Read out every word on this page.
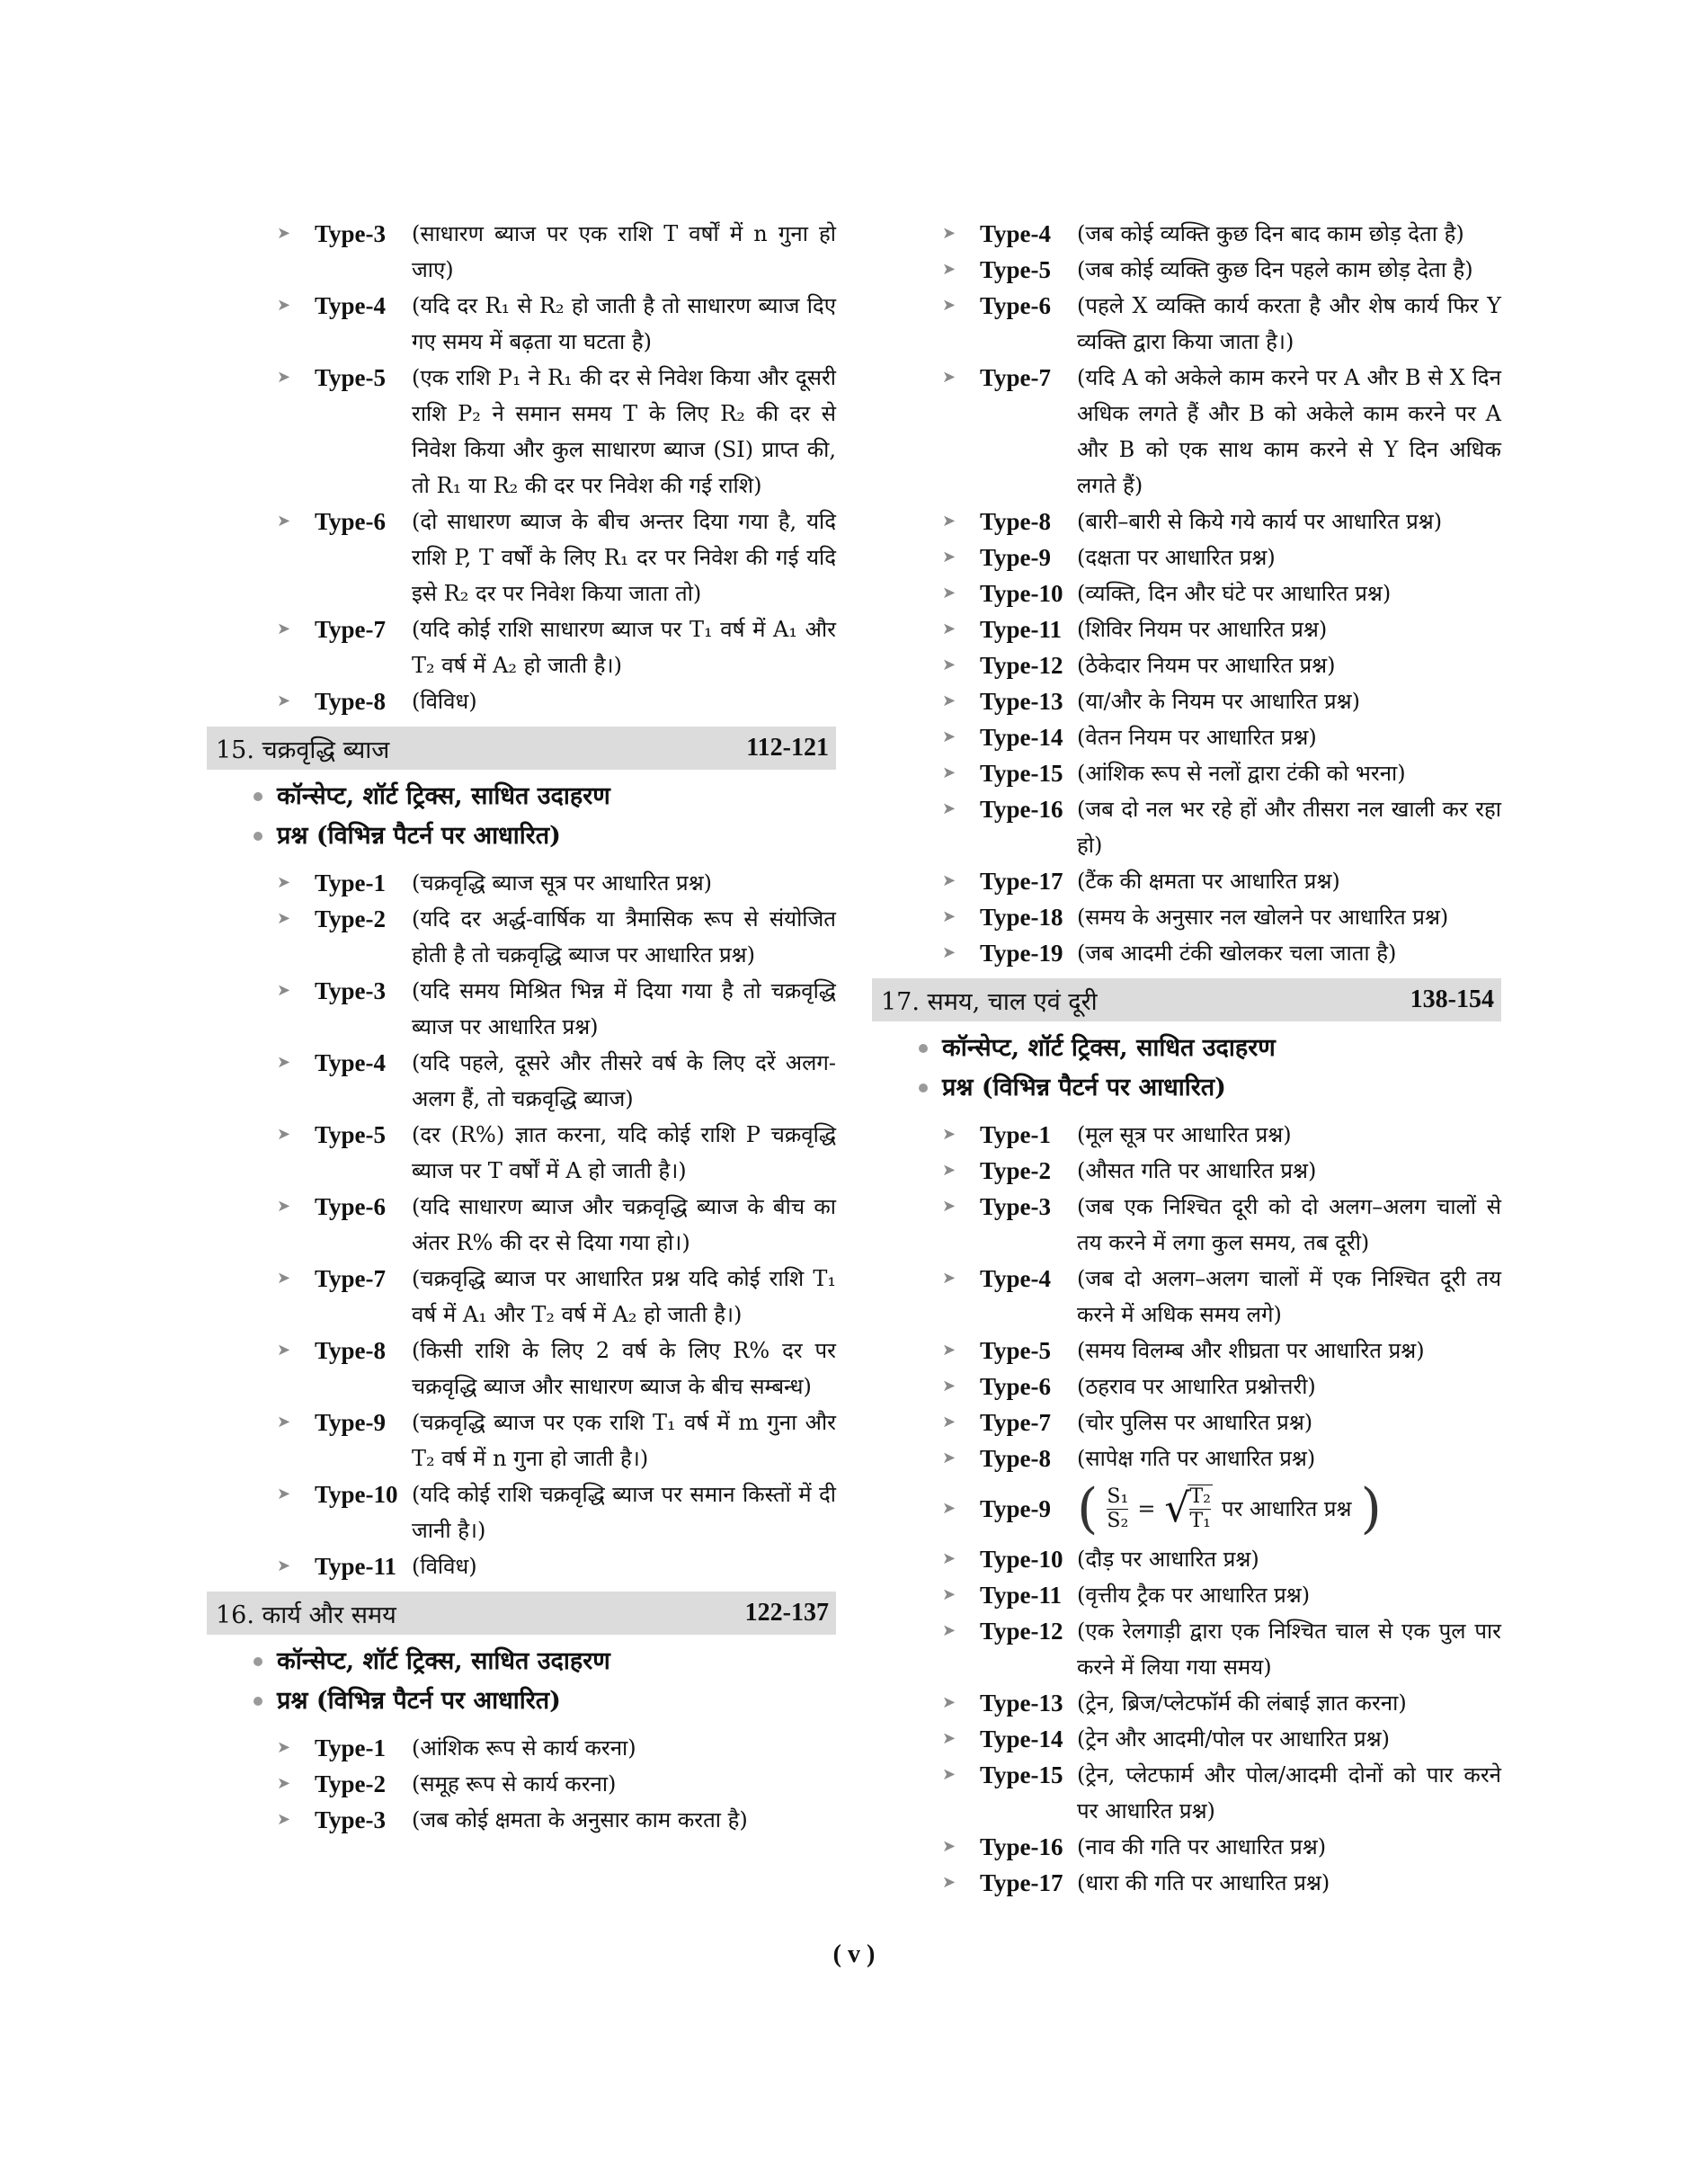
➤ Type-3	(साधारण ब्याज पर एक राशि T वर्षों में n गुना हो जाए)
➤ Type-4	(यदि दर R₁ से R₂ हो जाती है तो साधारण ब्याज दिए गए समय में बढ़ता या घटता है)
➤ Type-5	(एक राशि P₁ ने R₁ की दर से निवेश किया और दूसरी राशि P₂ ने समान समय T के लिए R₂ की दर से निवेश किया और कुल साधारण ब्याज (SI) प्राप्त की, तो R₁ या R₂ की दर पर निवेश की गई राशि)
➤ Type-6	(दो साधारण ब्याज के बीच अन्तर दिया गया है, यदि राशि P, T वर्षों के लिए R₁ दर पर निवेश की गई यदि इसे R₂ दर पर निवेश किया जाता तो)
➤ Type-7	(यदि कोई राशि साधारण ब्याज पर T₁ वर्ष में A₁ और T₂ वर्ष में A₂ हो जाती है।)
➤ Type-8	(विविध)
15. चक्रवृद्धि ब्याज	112-121
कॉन्सेप्ट, शॉर्ट ट्रिक्स, साधित उदाहरण
प्रश्न (विभिन्न पैटर्न पर आधारित)
➤ Type-1	(चक्रवृद्धि ब्याज सूत्र पर आधारित प्रश्न)
➤ Type-2	(यदि दर अर्द्ध-वार्षिक या त्रैमासिक रूप से संयोजित होती है तो चक्रवृद्धि ब्याज पर आधारित प्रश्न)
➤ Type-3	(यदि समय मिश्रित भिन्न में दिया गया है तो चक्रवृद्धि ब्याज पर आधारित प्रश्न)
➤ Type-4	(यदि पहले, दूसरे और तीसरे वर्ष के लिए दरें अलग-अलग हैं, तो चक्रवृद्धि ब्याज)
➤ Type-5	(दर (R%) ज्ञात करना, यदि कोई राशि P चक्रवृद्धि ब्याज पर T वर्षों में A हो जाती है।)
➤ Type-6	(यदि साधारण ब्याज और चक्रवृद्धि ब्याज के बीच का अंतर R% की दर से दिया गया हो।)
➤ Type-7	(चक्रवृद्धि ब्याज पर आधारित प्रश्न यदि कोई राशि T₁ वर्ष में A₁ और T₂ वर्ष में A₂ हो जाती है।)
➤ Type-8	(किसी राशि के लिए 2 वर्ष के लिए R% दर पर चक्रवृद्धि ब्याज और साधारण ब्याज के बीच सम्बन्ध)
➤ Type-9	(चक्रवृद्धि ब्याज पर एक राशि T₁ वर्ष में m गुना और T₂ वर्ष में n गुना हो जाती है।)
➤ Type-10 (यदि कोई राशि चक्रवृद्धि ब्याज पर समान किस्तों में दी जानी है।)
➤ Type-11 (विविध)
16. कार्य और समय	122-137
कॉन्सेप्ट, शॉर्ट ट्रिक्स, साधित उदाहरण
प्रश्न (विभिन्न पैटर्न पर आधारित)
➤ Type-1	(आंशिक रूप से कार्य करना)
➤ Type-2	(समूह रूप से कार्य करना)
➤ Type-3	(जब कोई क्षमता के अनुसार काम करता है)
➤ Type-4	(जब कोई व्यक्ति कुछ दिन बाद काम छोड़ देता है)
➤ Type-5	(जब कोई व्यक्ति कुछ दिन पहले काम छोड़ देता है)
➤ Type-6	(पहले X व्यक्ति कार्य करता है और शेष कार्य फिर Y व्यक्ति द्वारा किया जाता है।)
➤ Type-7	(यदि A को अकेले काम करने पर A और B से X दिन अधिक लगते हैं और B को अकेले काम करने पर A और B को एक साथ काम करने से Y दिन अधिक लगते हैं)
➤ Type-8	(बारी–बारी से किये गये कार्य पर आधारित प्रश्न)
➤ Type-9	(दक्षता पर आधारित प्रश्न)
➤ Type-10 (व्यक्ति, दिन और घंटे पर आधारित प्रश्न)
➤ Type-11 (शिविर नियम पर आधारित प्रश्न)
➤ Type-12 (ठेकेदार नियम पर आधारित प्रश्न)
➤ Type-13 (या/और के नियम पर आधारित प्रश्न)
➤ Type-14 (वेतन नियम पर आधारित प्रश्न)
➤ Type-15 (आंशिक रूप से नलों द्वारा टंकी को भरना)
➤ Type-16 (जब दो नल भर रहे हों और तीसरा नल खाली कर रहा हो)
➤ Type-17 (टैंक की क्षमता पर आधारित प्रश्न)
➤ Type-18 (समय के अनुसार नल खोलने पर आधारित प्रश्न)
➤ Type-19 (जब आदमी टंकी खोलकर चला जाता है)
17. समय, चाल एवं दूरी	138-154
कॉन्सेप्ट, शॉर्ट ट्रिक्स, साधित उदाहरण
प्रश्न (विभिन्न पैटर्न पर आधारित)
➤ Type-1	(मूल सूत्र पर आधारित प्रश्न)
➤ Type-2	(औसत गति पर आधारित प्रश्न)
➤ Type-3	(जब एक निश्चित दूरी को दो अलग–अलग चालों से तय करने में लगा कुल समय, तब दूरी)
➤ Type-4	(जब दो अलग–अलग चालों में एक निश्चित दूरी तय करने में अधिक समय लगे)
➤ Type-5	(समय विलम्ब और शीघ्रता पर आधारित प्रश्न)
➤ Type-6	(ठहराव पर आधारित प्रश्नोत्तरी)
➤ Type-7	(चोर पुलिस पर आधारित प्रश्न)
➤ Type-8	(सापेक्ष गति पर आधारित प्रश्न)
➤ Type-9 ( $\frac{\text{S₁}}{\text{S₂}}$ = √
$\frac{\text{T₂}}{\text{T₁}}$ पर आधारित प्रश्न )
➤ Type-10 (दौड़ पर आधारित प्रश्न)
➤ Type-11 (वृत्तीय ट्रैक पर आधारित प्रश्न)
➤ Type-12 (एक रेलगाड़ी द्वारा एक निश्चित चाल से एक पुल पार करने में लिया गया समय)
➤ Type-13 (ट्रेन, ब्रिज/प्लेटफॉर्म की लंबाई ज्ञात करना)
➤ Type-14 (ट्रेन और आदमी/पोल पर आधारित प्रश्न)
➤ Type-15 (ट्रेन, प्लेटफार्म और पोल/आदमी दोनों को पार करने पर आधारित प्रश्न)
➤ Type-16 (नाव की गति पर आधारित प्रश्न)
➤ Type-17 (धारा की गति पर आधारित प्रश्न)
( v )
